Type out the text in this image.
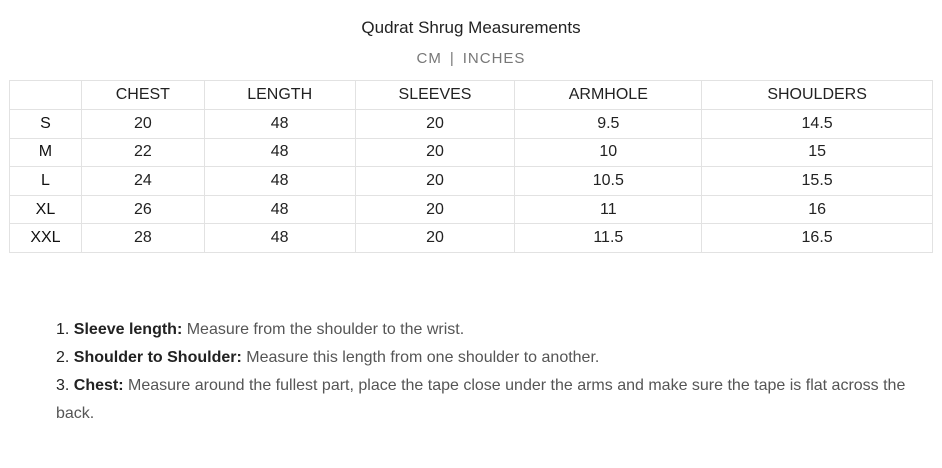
Qudrat Shrug Measurements
CM | INCHES
	CHEST	LENGTH	SLEEVES	ARMHOLE	SHOULDERS
S	20	48	20	9.5	14.5
M	22	48	20	10	15
L	24	48	20	10.5	15.5
XL	26	48	20	11	16
XXL	28	48	20	11.5	16.5
1. Sleeve length: Measure from the shoulder to the wrist.
2. Shoulder to Shoulder: Measure this length from one shoulder to another.
3. Chest: Measure around the fullest part, place the tape close under the arms and make sure the tape is flat across the back.
